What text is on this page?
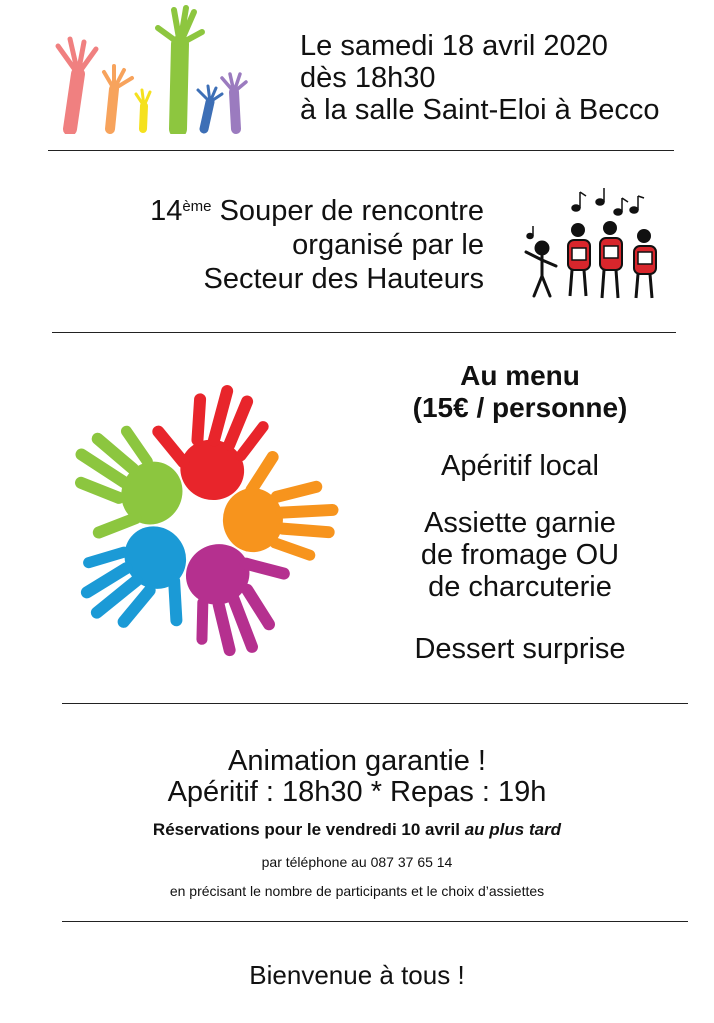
Le samedi 18 avril 2020
dès 18h30
à la salle Saint-Eloi à Becco
14ème Souper de rencontre
organisé par le
Secteur des Hauteurs
Au menu
(15€ / personne)
Apéritif local
Assiette garnie
de fromage OU
de charcuterie
Dessert surprise
Animation garantie !
Apéritif : 18h30 * Repas : 19h
Réservations pour le vendredi 10 avril au plus tard
par téléphone au 087 37 65 14
en précisant le nombre de participants et le choix d’assiettes
Bienvenue à tous !
